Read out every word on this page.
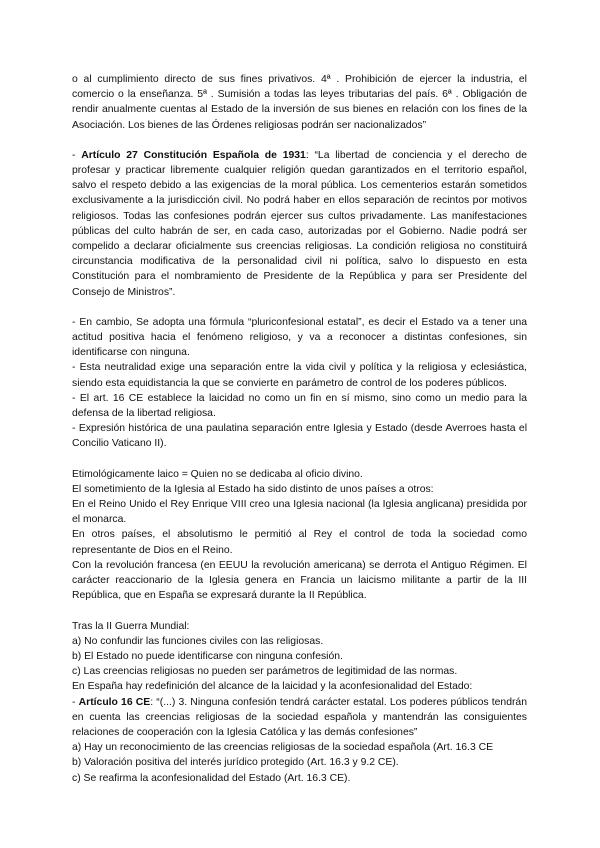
o al cumplimiento directo de sus fines privativos. 4ª . Prohibición de ejercer la industria, el comercio o la enseñanza. 5ª . Sumisión a todas las leyes tributarias del país. 6ª . Obligación de rendir anualmente cuentas al Estado de la inversión de sus bienes en relación con los fines de la Asociación. Los bienes de las Órdenes religiosas podrán ser nacionalizados”

- Artículo 27 Constitución Española de 1931: “La libertad de conciencia y el derecho de profesar y practicar libremente cualquier religión quedan garantizados en el territorio español, salvo el respeto debido a las exigencias de la moral pública. Los cementerios estarán sometidos exclusivamente a la jurisdicción civil. No podrá haber en ellos separación de recintos por motivos religiosos. Todas las confesiones podrán ejercer sus cultos privadamente. Las manifestaciones públicas del culto habrán de ser, en cada caso, autorizadas por el Gobierno. Nadie podrá ser compelido a declarar oficialmente sus creencias religiosas. La condición religiosa no constituirá circunstancia modificativa de la personalidad civil ni política, salvo lo dispuesto en esta Constitución para el nombramiento de Presidente de la República y para ser Presidente del Consejo de Ministros”.

- En cambio, Se adopta una fórmula “pluriconfesional estatal”, es decir el Estado va a tener una actitud positiva hacia el fenómeno religioso, y va a reconocer a distintas confesiones, sin identificarse con ninguna.

- Esta neutralidad exige una separación entre la vida civil y política y la religiosa y eclesiástica, siendo esta equidistancia la que se convierte en parámetro de control de los poderes públicos.

- El art. 16 CE establece la laicidad no como un fin en sí mismo, sino como un medio para la defensa de la libertad religiosa.

- Expresión histórica de una paulatina separación entre Iglesia y Estado (desde Averroes hasta el Concilio Vaticano II).

Etimológicamente laico = Quien no se dedicaba al oficio divino.

El sometimiento de la Iglesia al Estado ha sido distinto de unos países a otros:

En el Reino Unido el Rey Enrique VIII creo una Iglesia nacional (la Iglesia anglicana) presidida por el monarca.

En otros países, el absolutismo le permitió al Rey el control de toda la sociedad como representante de Dios en el Reino.

Con la revolución francesa (en EEUU la revolución americana) se derrota el Antiguo Régimen. El carácter reaccionario de la Iglesia genera en Francia un laicismo militante a partir de la III República, que en España se expresará durante la II República.

Tras la II Guerra Mundial:

a) No confundir las funciones civiles con las religiosas.

b) El Estado no puede identificarse con ninguna confesión.

c) Las creencias religiosas no pueden ser parámetros de legitimidad de las normas.

En España hay redefinición del alcance de la laicidad y la aconfesionalidad del Estado:

- Artículo 16 CE: “(...) 3. Ninguna confesión tendrá carácter estatal. Los poderes públicos tendrán en cuenta las creencias religiosas de la sociedad española y mantendrán las consiguientes relaciones de cooperación con la Iglesia Católica y las demás confesiones”

a) Hay un reconocimiento de las creencias religiosas de la sociedad española (Art. 16.3 CE

b) Valoración positiva del interés jurídico protegido (Art. 16.3 y 9.2 CE).

c) Se reafirma la aconfesionalidad del Estado (Art. 16.3 CE).
